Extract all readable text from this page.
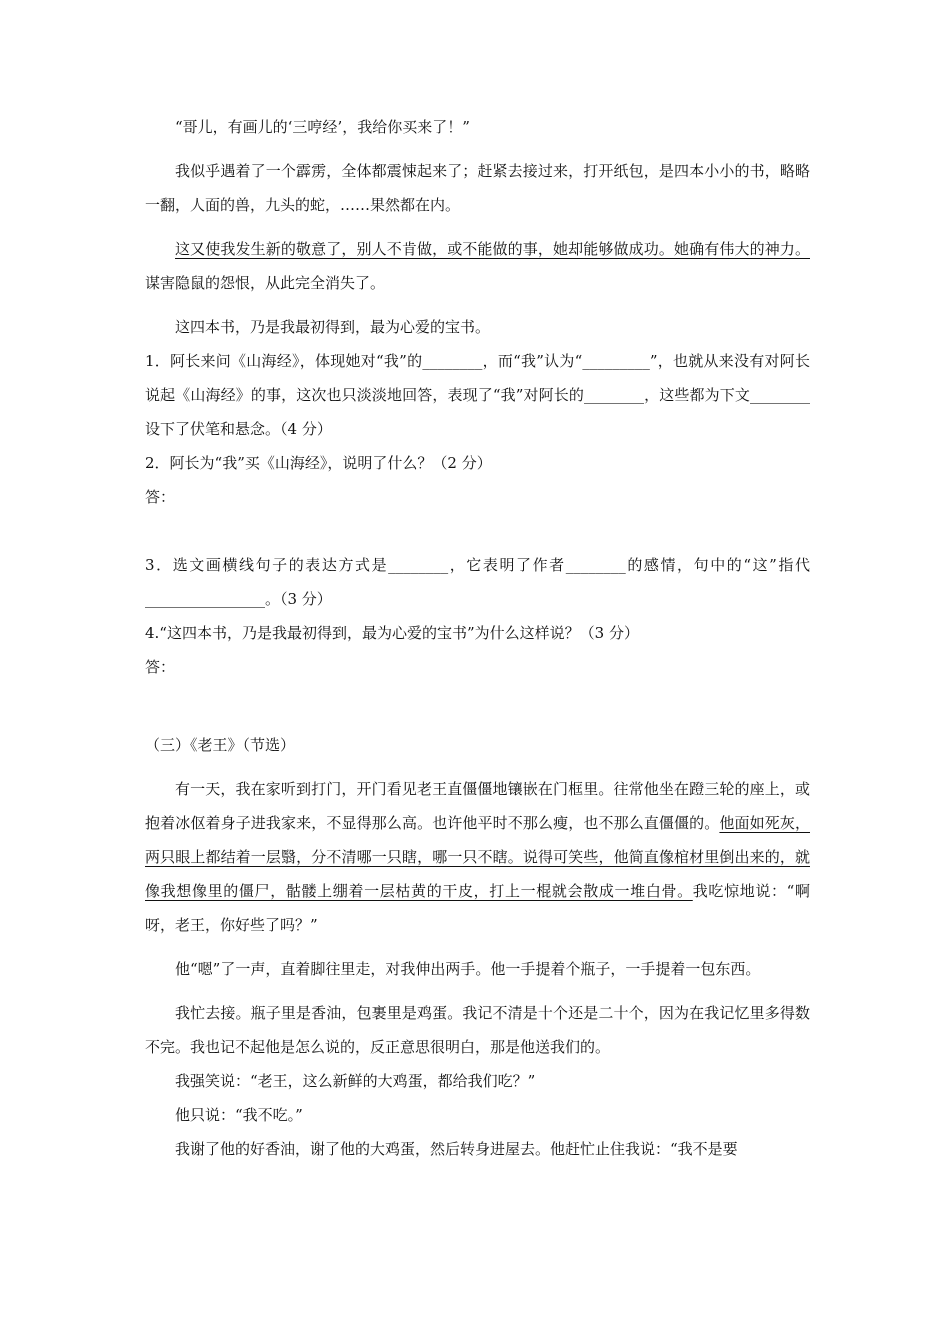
“哥儿，有画儿的‘三哼经’，我给你买来了！”

我似乎遇着了一个霹雳，全体都震悚起来了；赶紧去接过来，打开纸包，是四本小小的书，略略一翻，人面的兽，九头的蛇，……果然都在内。

这又使我发生新的敬意了，别人不肯做，或不能做的事，她却能够做成功。她确有伟大的神力。谋害隐鼠的怨恨，从此完全消失了。

这四本书，乃是我最初得到，最为心爱的宝书。

1．阿长来问《山海经》，体现她对“我”的________，而“我”认为“_________”，也就从来没有对阿长说起《山海经》的事，这次也只淡淡地回答，表现了“我”对阿长的________，这些都为下文________设下了伏笔和悬念。（4 分）

2．阿长为“我”买《山海经》，说明了什么？（2 分）

答：

3．选文画横线句子的表达方式是________，它表明了作者________的感情，句中的“这”指代________________。（3 分）

4.“这四本书，乃是我最初得到，最为心爱的宝书”为什么这样说？（3 分）

答：

（三）《老王》（节选）

有一天，我在家听到打门，开门看见老王直僵僵地镶嵌在门框里。往常他坐在蹬三轮的座上，或抱着冰伛着身子进我家来，不显得那么高。也许他平时不那么瘦，也不那么直僵僵的。他面如死灰，两只眼上都结着一层翳，分不清哪一只瞎，哪一只不瞎。说得可笑些，他简直像棺材里倒出来的，就像我想像里的僵尸，骷髅上绷着一层枯黄的干皮，打上一棍就会散成一堆白骨。我吃惊地说：“啊呀，老王，你好些了吗？”

他“嗯”了一声，直着脚往里走，对我伸出两手。他一手提着个瓶子，一手提着一包东西。

我忙去接。瓶子里是香油，包裹里是鸡蛋。我记不清是十个还是二十个，因为在我记忆里多得数不完。我也记不起他是怎么说的，反正意思很明白，那是他送我们的。

我强笑说：“老王，这么新鲜的大鸡蛋，都给我们吃？”

他只说：“我不吃。”

我谢了他的好香油，谢了他的大鸡蛋，然后转身进屋去。他赶忙止住我说：“我不是要
